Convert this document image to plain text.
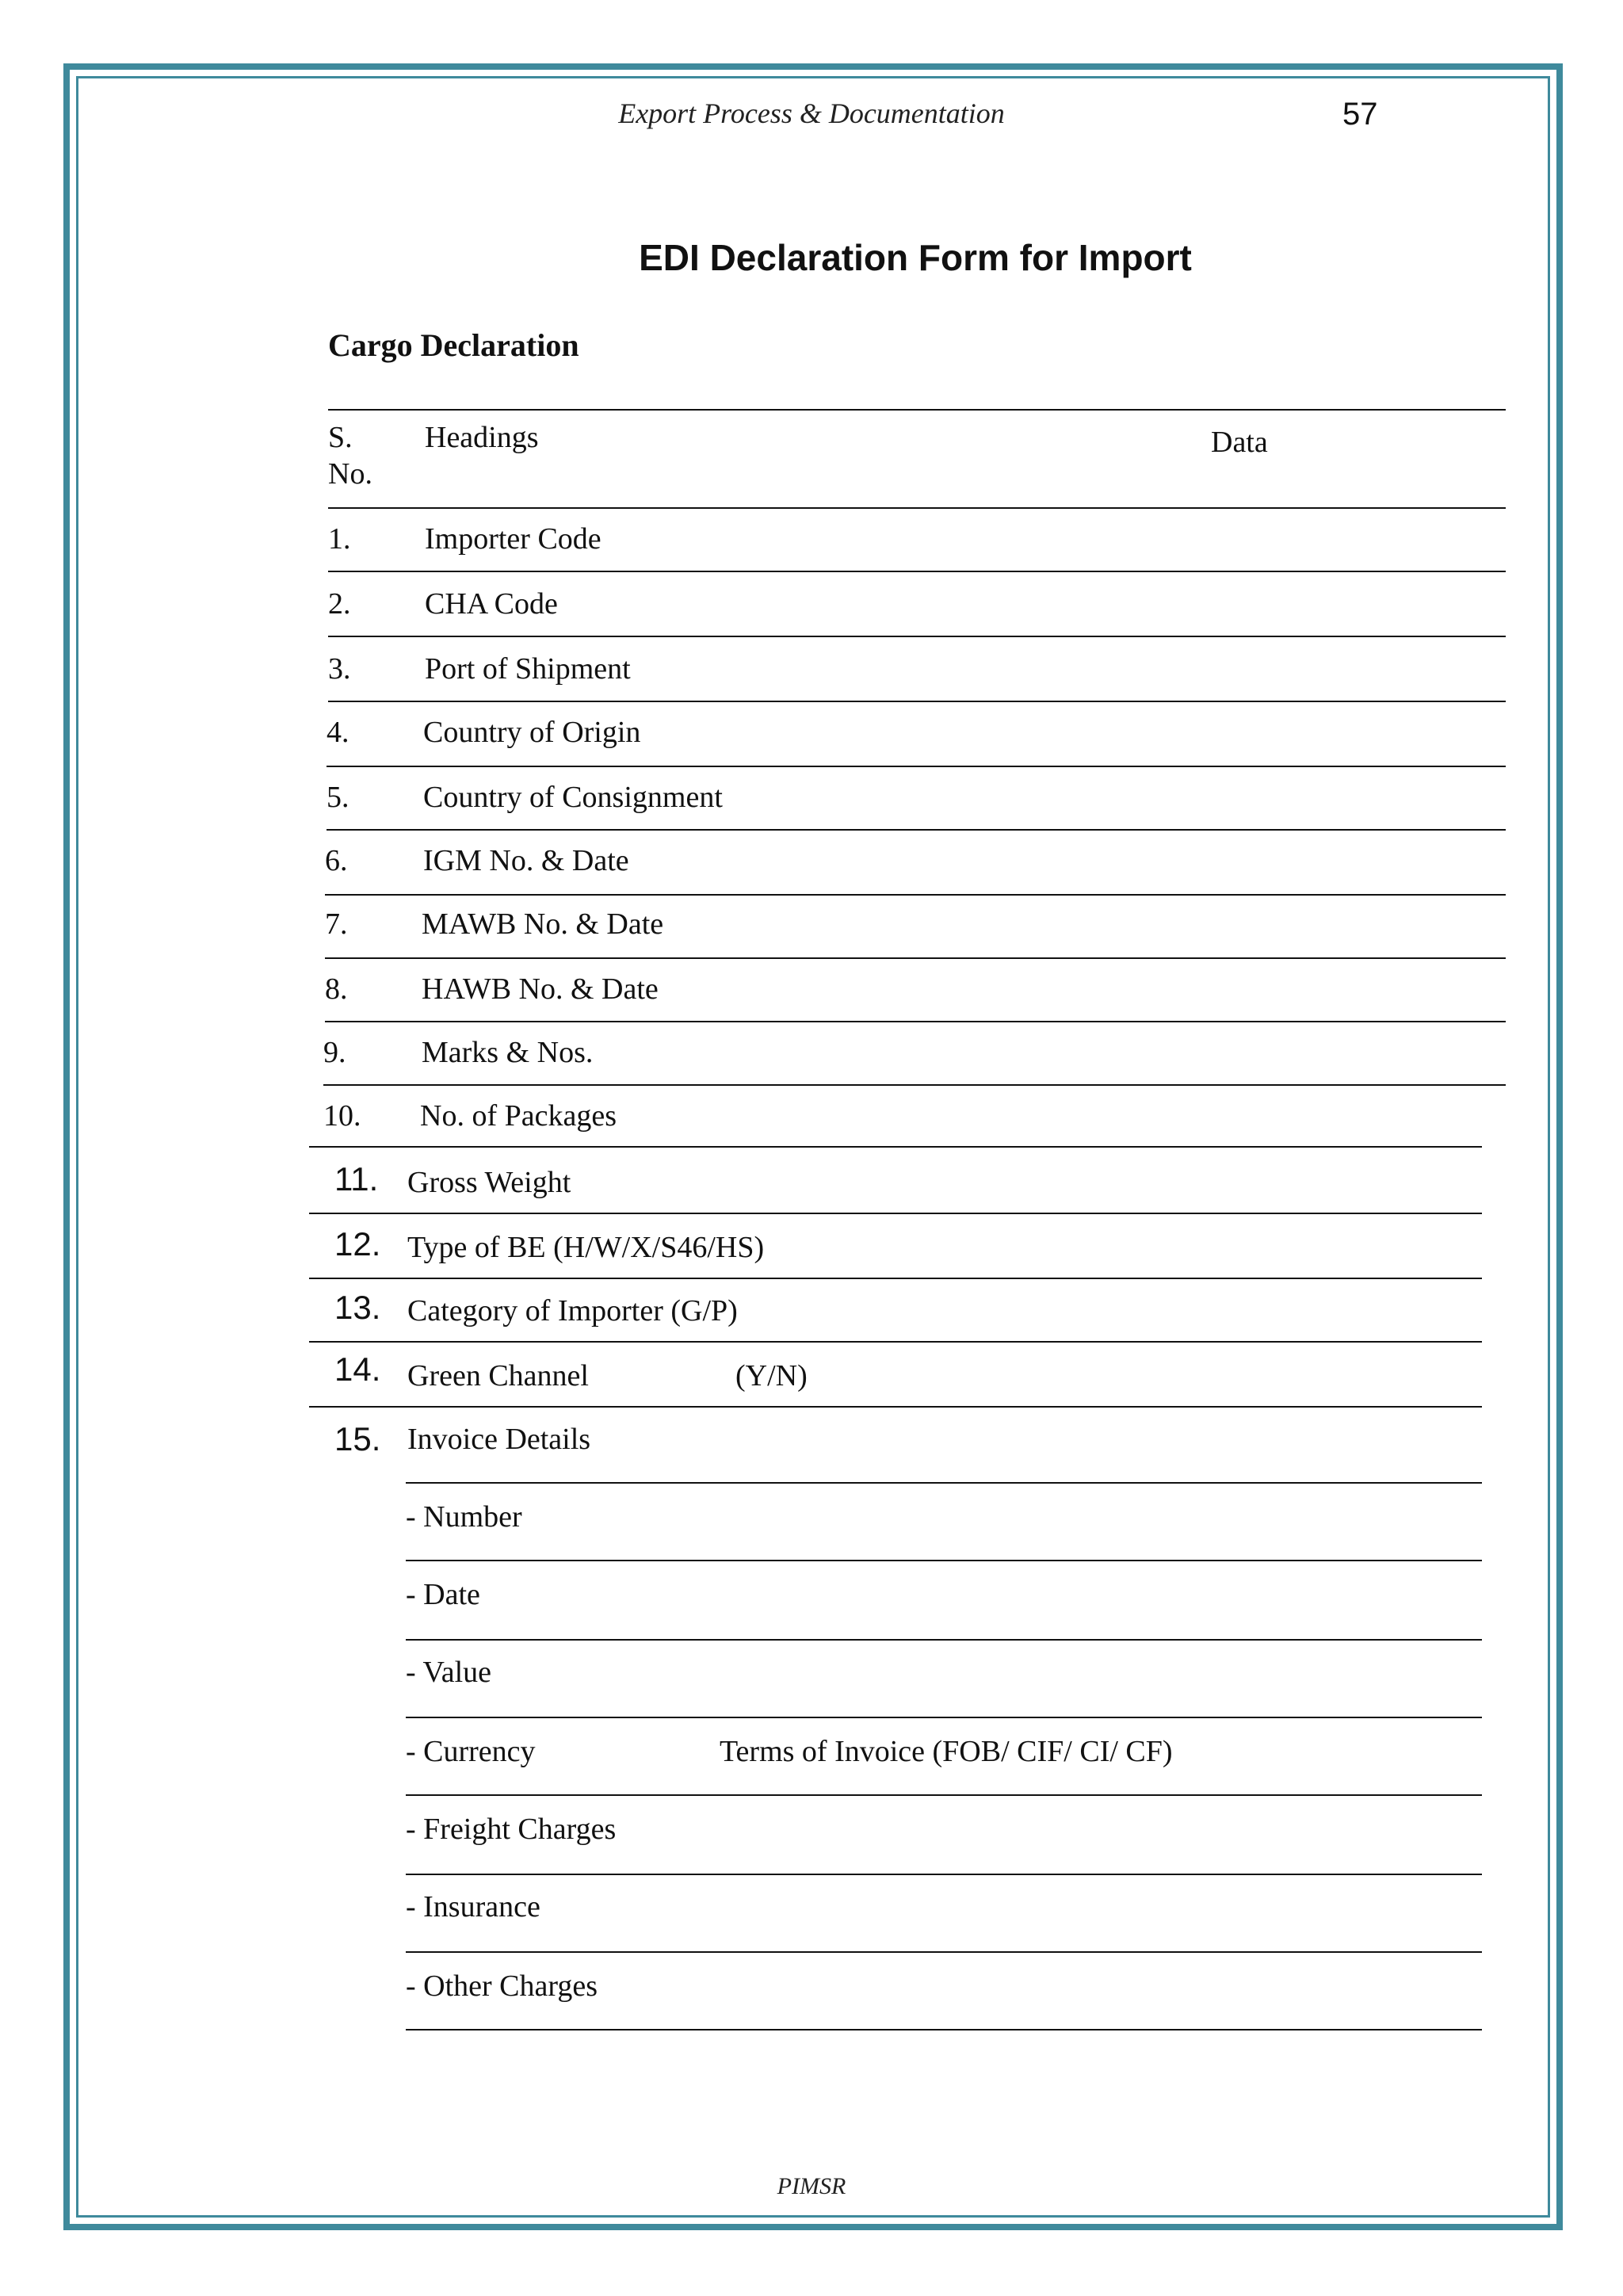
Export Process & Documentation	57
EDI Declaration Form for Import
Cargo Declaration
S.
No.
Headings	Data
1. Importer Code
2. CHA Code
3. Port of Shipment
4. Country of Origin
5. Country of Consignment
6.	IGM No. & Date
7. MAWB No. & Date
8. HAWB No. & Date
9.	Marks & Nos.
10. No. of Packages
11. Gross Weight
12. Type of BE (H/W/X/S46/HS)
13. Category of Importer (G/P)
14. Green Channel	(Y/N)
15. Invoice Details
- Number
- Date
- Value
- Currency	Terms of Invoice (FOB/ CIF/ CI/ CF)
- Freight Charges
- Insurance
- Other Charges
PIMSR
